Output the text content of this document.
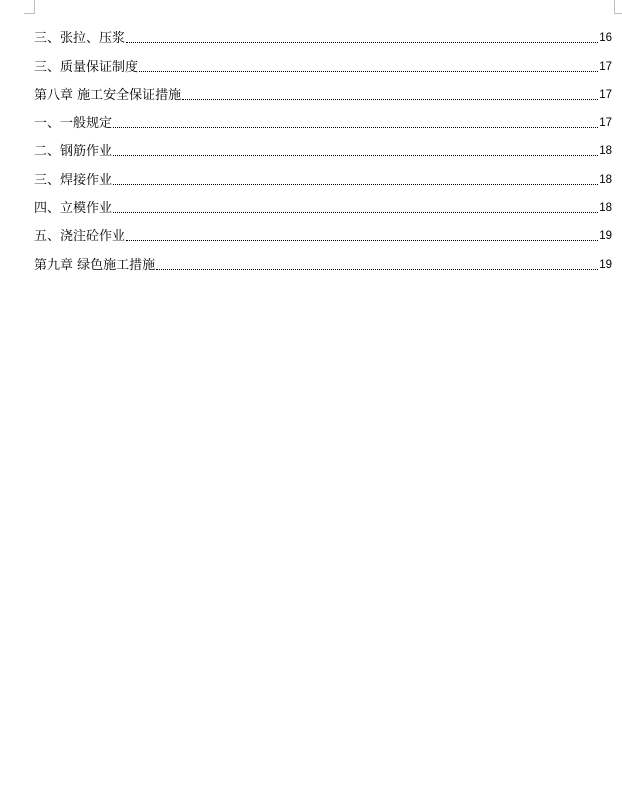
三、张拉、压浆	16
三、质量保证制度	17
第八章 施工安全保证措施	17
一、一般规定	17
二、钢筋作业	18
三、焊接作业	18
四、立模作业	18
五、浇注砼作业	19
第九章 绿色施工措施	19
